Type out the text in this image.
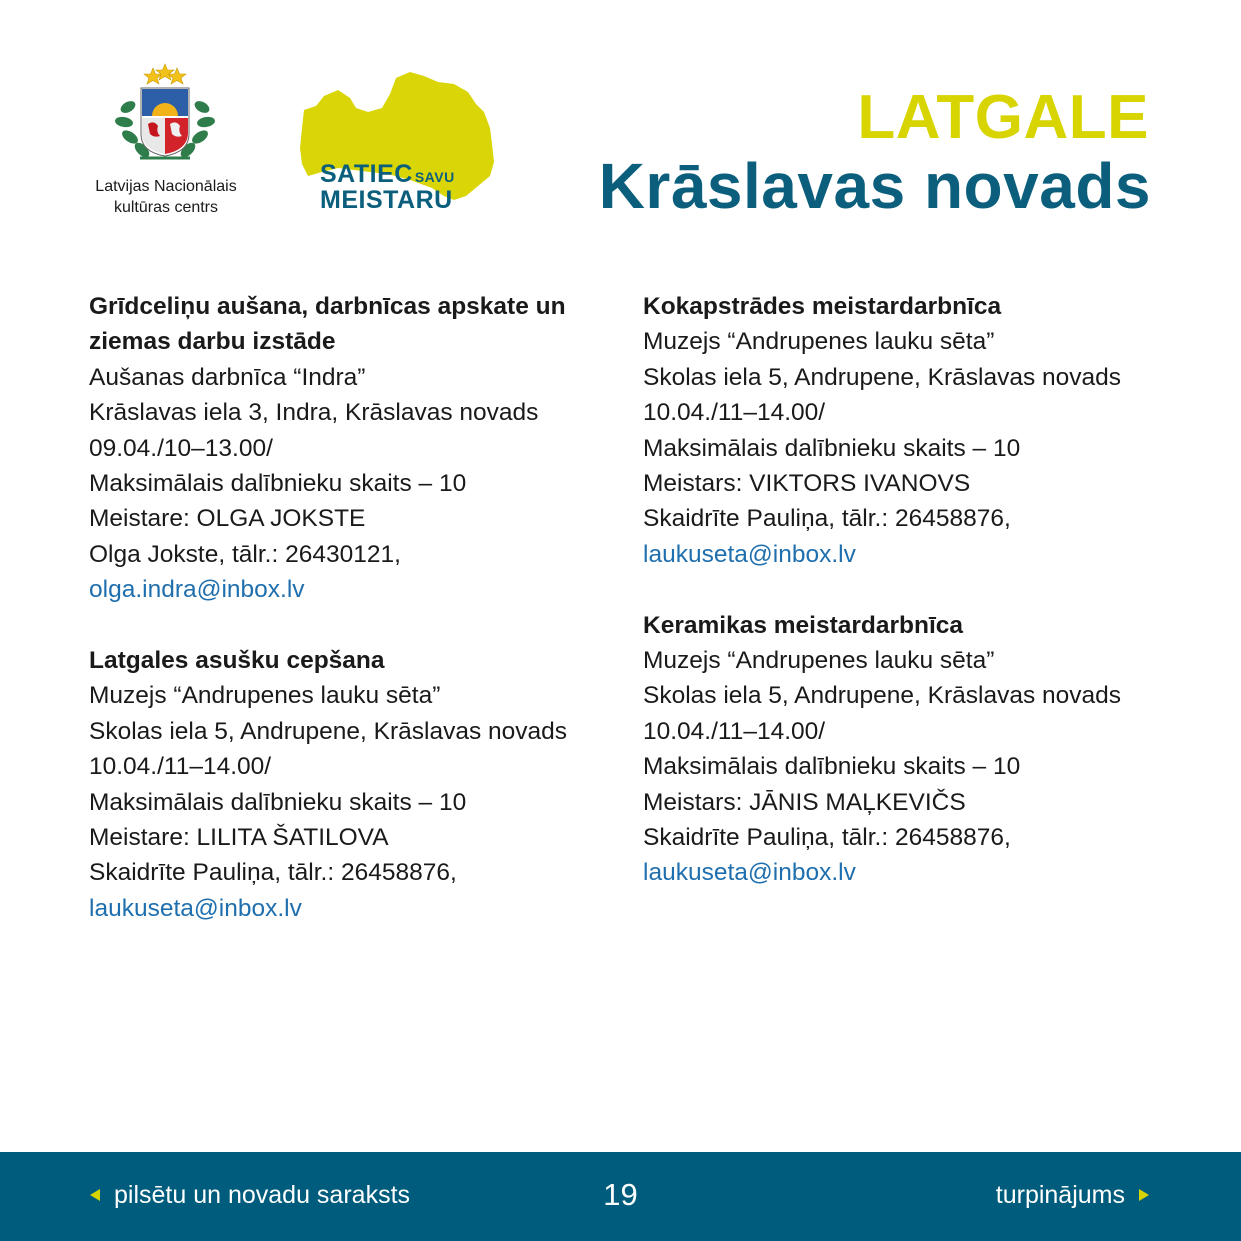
Latvijas Nacionālais
kultūras centrs
SATIEC SAVU
MEISTARU
LATGALE
Krāslavas novads
Grīdceliņu aušana, darbnīcas apskate un
ziemas darbu izstāde
Aušanas darbnīca “Indra”
Krāslavas iela 3, Indra, Krāslavas novads
09.04./10–13.00/
Maksimālais dalībnieku skaits – 10
Meistare: OLGA JOKSTE
Olga Jokste, tālr.: 26430121,
olga.indra@inbox.lv
Latgales asušku cepšana
Muzejs “Andrupenes lauku sēta”
Skolas iela 5, Andrupene, Krāslavas novads
10.04./11–14.00/
Maksimālais dalībnieku skaits – 10
Meistare: LILITA ŠATILOVA
Skaidrīte Pauliņa, tālr.: 26458876,
laukuseta@inbox.lv
Kokapstrādes meistardarbnīca
Muzejs “Andrupenes lauku sēta”
Skolas iela 5, Andrupene, Krāslavas novads
10.04./11–14.00/
Maksimālais dalībnieku skaits – 10
Meistars: VIKTORS IVANOVS
Skaidrīte Pauliņa, tālr.: 26458876,
laukuseta@inbox.lv
Keramikas meistardarbnīca
Muzejs “Andrupenes lauku sēta”
Skolas iela 5, Andrupene, Krāslavas novads
10.04./11–14.00/
Maksimālais dalībnieku skaits – 10
Meistars: JĀNIS MAĻKEVIČS
Skaidrīte Pauliņa, tālr.: 26458876,
laukuseta@inbox.lv
pilsētu un novadu saraksts	19	turpinājums
